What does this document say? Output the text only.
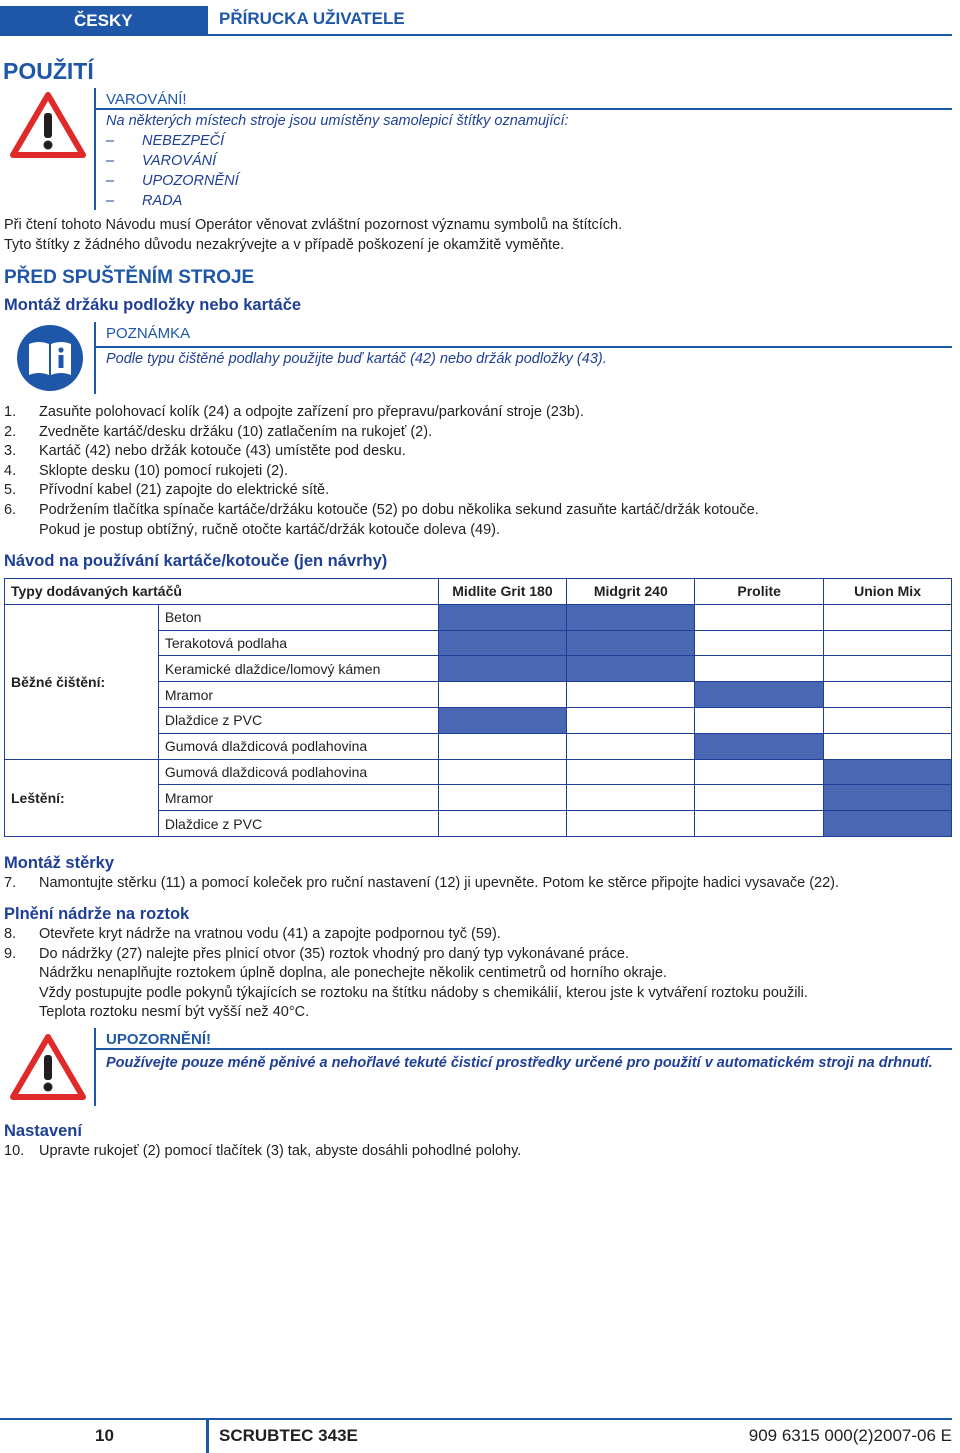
ČESKY	PŘÍRUCKA UŽIVATELE
POUŽITÍ
VAROVÁNÍ!
Na některých místech stroje jsou umístěny samolepicí štítky oznamující:
– NEBEZPEČÍ
– VAROVÁNÍ
– UPOZORNĚNÍ
– RADA
Při čtení tohoto Návodu musí Operátor věnovat zvláštní pozornost významu symbolů na štítcích.
Tyto štítky z žádného důvodu nezakrývejte a v případě poškození je okamžitě vyměňte.
PŘED SPUŠTĚNÍM STROJE
Montáž držáku podložky nebo kartáče
POZNÁMKA
Podle typu čištěné podlahy použijte buď kartáč (42) nebo držák podložky (43).
1. Zasuňte polohovací kolík (24) a odpojte zařízení pro přepravu/parkování stroje (23b).
2. Zvedněte kartáč/desku držáku (10) zatlačením na rukojeť (2).
3. Kartáč (42) nebo držák kotouče (43) umístěte pod desku.
4. Sklopte desku (10) pomocí rukojeti (2).
5. Přívodní kabel (21) zapojte do elektrické sítě.
6. Podržením tlačítka spínače kartáče/držáku kotouče (52) po dobu několika sekund zasuňte kartáč/držák kotouče.
Pokud je postup obtížný, ručně otočte kartáč/držák kotouče doleva (49).
Návod na používání kartáče/kotouče (jen návrhy)
Typy dodávaných kartáčů		Midlite Grit 180	Midgrit 240	Prolite	Union Mix
Běžné čištění:	Beton				
	Terakotová podlaha				
	Keramické dlaždice/lomový kámen				
	Mramor				
	Dlaždice z PVC				
	Gumová dlaždicová podlahovina				
Leštění:	Gumová dlaždicová podlahovina				
	Mramor				
	Dlaždice z PVC				
Montáž stěrky
7. Namontujte stěrku (11) a pomocí koleček pro ruční nastavení (12) ji upevněte. Potom ke stěrce připojte hadici vysavače (22).
Plnění nádrže na roztok
8. Otevřete kryt nádrže na vratnou vodu (41) a zapojte podpornou tyč (59).
9. Do nádržky (27) nalejte přes plnicí otvor (35) roztok vhodný pro daný typ vykonávané práce.
Nádržku nenaplňujte roztokem úplně doplna, ale ponechejte několik centimetrů od horního okraje.
Vždy postupujte podle pokynů týkajících se roztoku na štítku nádoby s chemikálií, kterou jste k vytváření roztoku použili.
Teplota roztoku nesmí být vyšší než 40°C.
UPOZORNĚNÍ!
Používejte pouze méně pěnivé a nehořlavé tekuté čisticí prostředky určené pro použití v automatickém stroji na drhnutí.
Nastavení
10. Upravte rukojeť (2) pomocí tlačítek (3) tak, abyste dosáhli pohodlné polohy.
10	SCRUBTEC 343E	909 6315 000(2)2007-06 E
